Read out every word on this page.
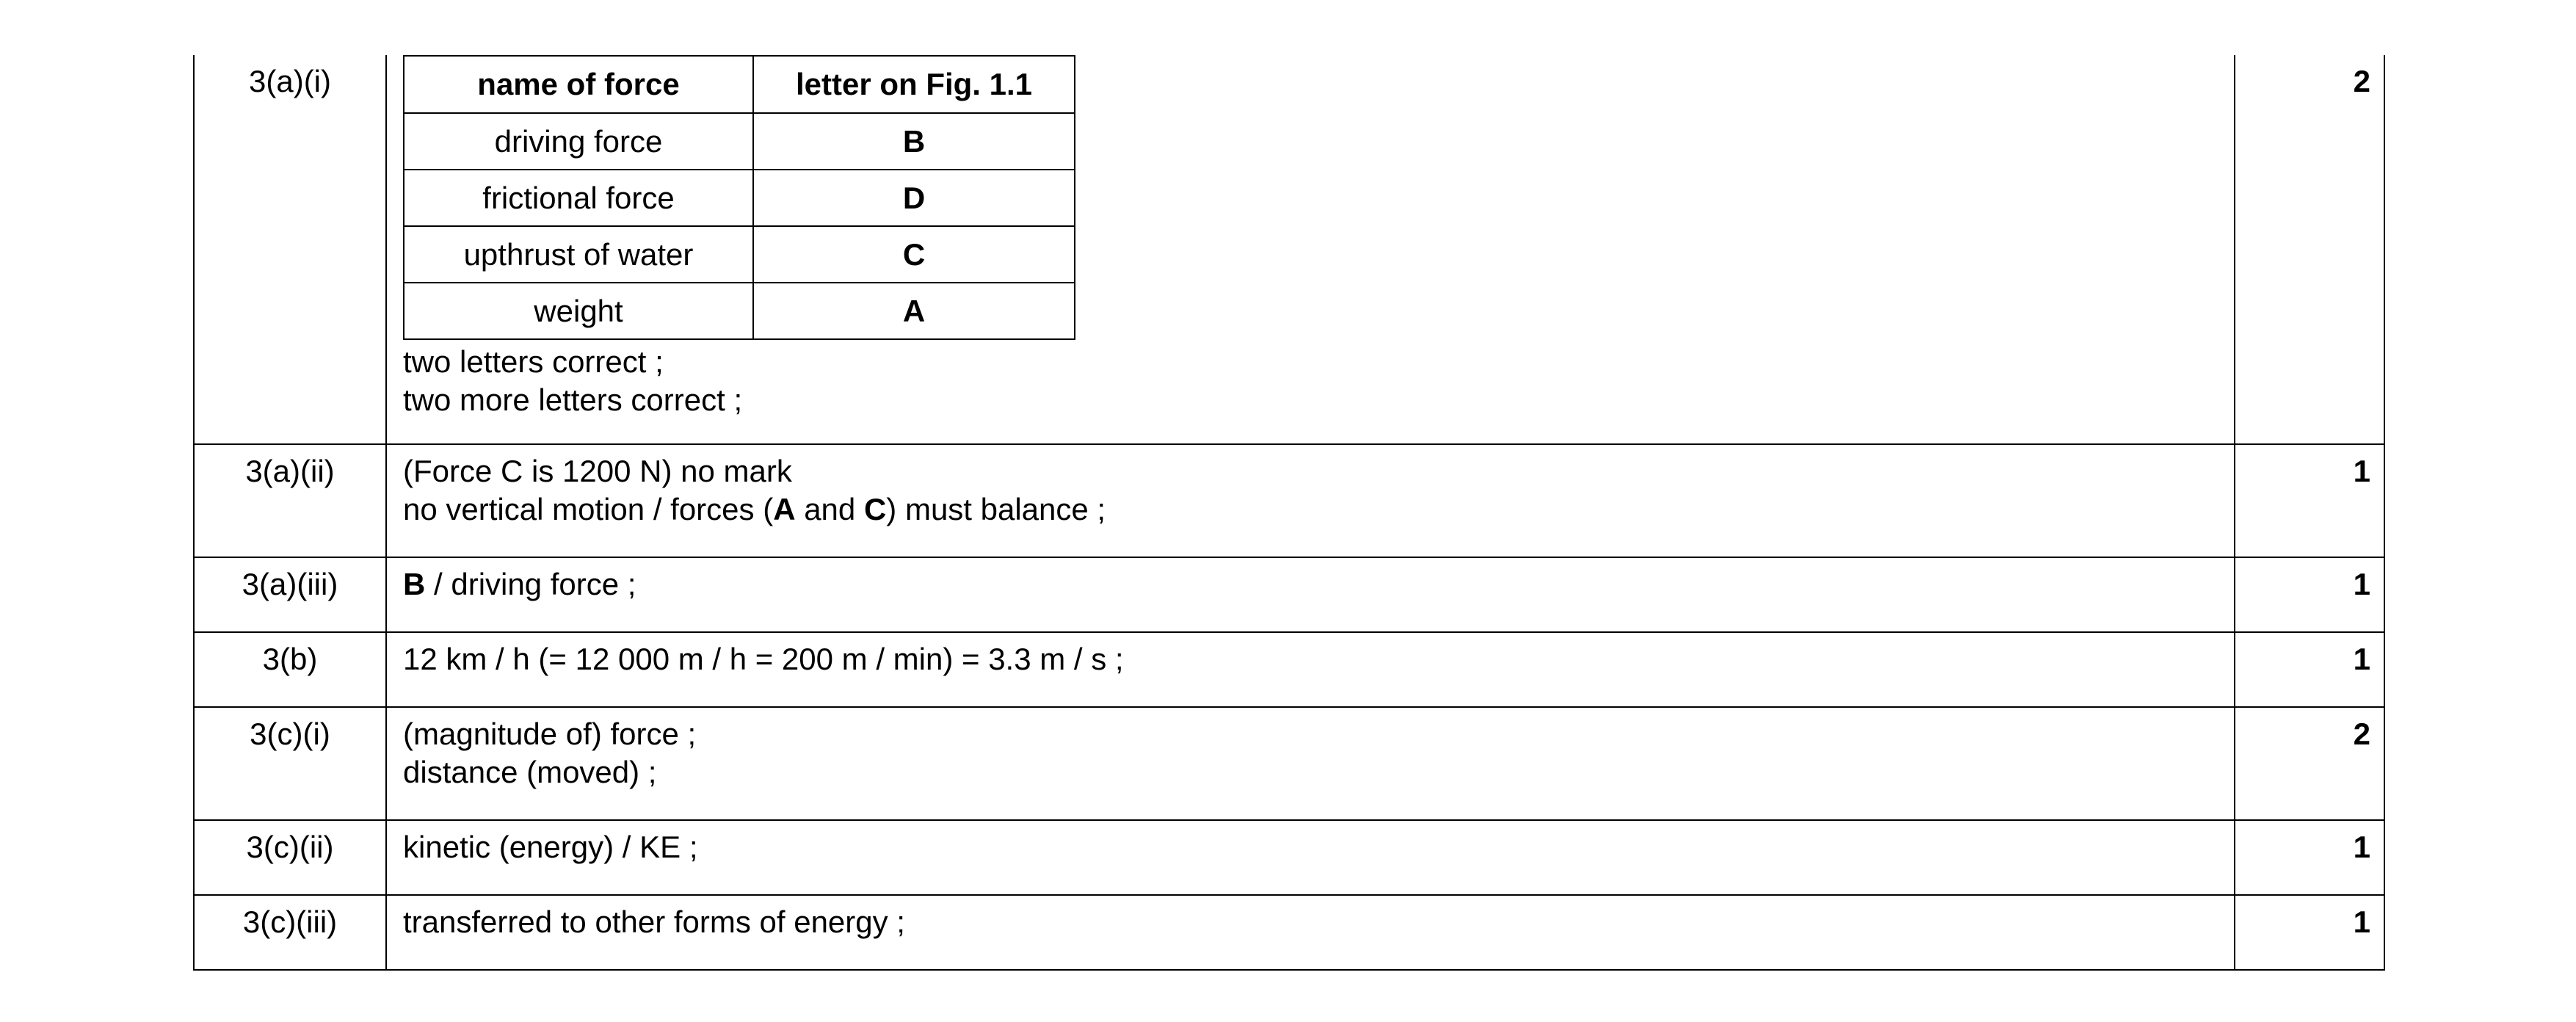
3(a)(i)		name of force	letter on Fig. 1.1
driving force	B
frictional force	D
upthrust of water	C
weight	A
two letters correct ;
two more letters correct ;
	2
3(a)(ii)	(Force C is 1200 N) no mark
no vertical motion / forces (A and C) must balance ;
	1
3(a)(iii)	B / driving force ;	1
3(b)	12 km / h (= 12 000 m / h = 200 m / min) = 3.3 m / s ;	1
3(c)(i)	(magnitude of) force ;
distance (moved) ;
	2
3(c)(ii)	kinetic (energy) / KE ;	1
3(c)(iii)	transferred to other forms of energy ;	1
